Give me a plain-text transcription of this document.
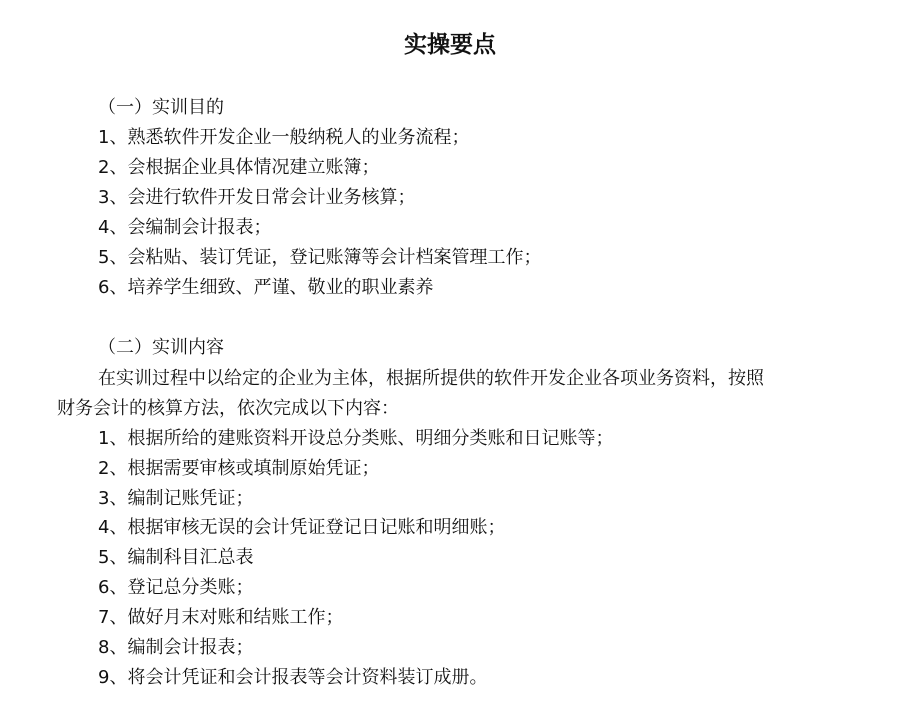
实操要点
（一）实训目的
1、熟悉软件开发企业一般纳税人的业务流程；
2、会根据企业具体情况建立账簿；
3、会进行软件开发日常会计业务核算；
4、会编制会计报表；
5、会粘贴、装订凭证，登记账簿等会计档案管理工作；
6、培养学生细致、严谨、敬业的职业素养
（二）实训内容
在实训过程中以给定的企业为主体，根据所提供的软件开发企业各项业务资料，按照
财务会计的核算方法，依次完成以下内容：
1、根据所给的建账资料开设总分类账、明细分类账和日记账等；
2、根据需要审核或填制原始凭证；
3、编制记账凭证；
4、根据审核无误的会计凭证登记日记账和明细账；
5、编制科目汇总表
6、登记总分类账；
7、做好月末对账和结账工作；
8、编制会计报表；
9、将会计凭证和会计报表等会计资料装订成册。
